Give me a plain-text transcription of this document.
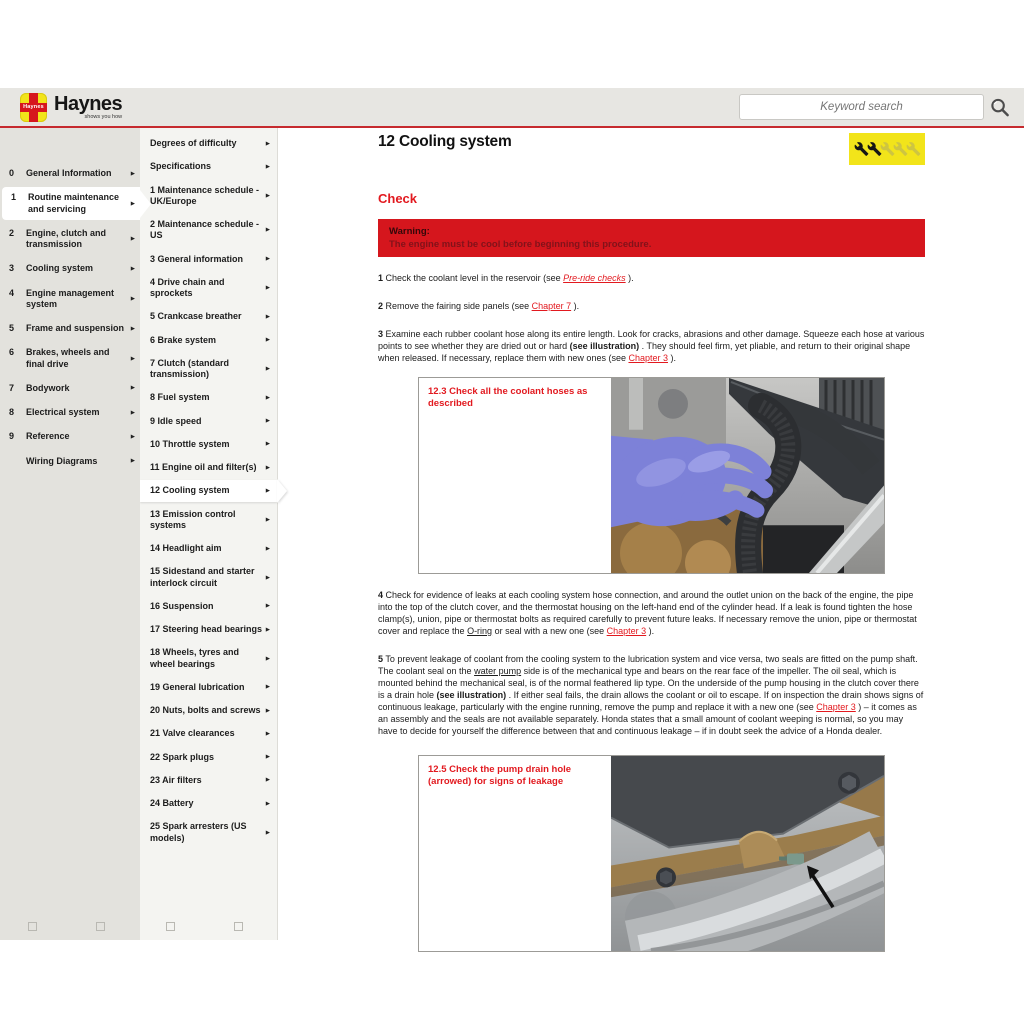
Haynes Haynes
shows you how
Keyword search
0	General Information	▶
1	Routine maintenance and servicing	▶
2	Engine, clutch and transmission	▶
3	Cooling system	▶
4	Engine management system	▶
5	Frame and suspension	▶
6	Brakes, wheels and final drive	▶
7	Bodywork	▶
8	Electrical system	▶
9	Reference	▶
Wiring Diagrams	▶
Degrees of difficulty	▶
Specifications	▶
1 Maintenance schedule - UK/Europe	▶
2 Maintenance schedule - US	▶
3 General information	▶
4 Drive chain and sprockets	▶
5 Crankcase breather	▶
6 Brake system	▶
7 Clutch (standard transmission)	▶
8 Fuel system	▶
9 Idle speed	▶
10 Throttle system	▶
11 Engine oil and filter(s)	▶
12 Cooling system	▶
13 Emission control systems	▶
14 Headlight aim	▶
15 Sidestand and starter interlock circuit	▶
16 Suspension	▶
17 Steering head bearings ▶
18 Wheels, tyres and wheel bearings	▶
19 General lubrication	▶
20 Nuts, bolts and screws ▶
21 Valve clearances	▶
22 Spark plugs	▶
23 Air filters	▶
24 Battery	▶
25 Spark arresters (US models)	▶
12 Cooling system
Check
Warning:
The engine must be cool before beginning this procedure.

1 Check the coolant level in the reservoir (see Pre-ride checks ).

2 Remove the fairing side panels (see Chapter 7 ).

3 Examine each rubber coolant hose along its entire length. Look for cracks, abrasions and other damage. Squeeze each hose at various points to see whether they are dried out or hard (see illustration) . They should feel firm, yet pliable, and return to their original shape when released. If necessary, replace them with new ones (see Chapter 3 ).

12.3 Check all the coolant hoses as described

4 Check for evidence of leaks at each cooling system hose connection, and around the outlet union on the back of the engine, the pipe into the top of the clutch cover, and the thermostat housing on the left-hand end of the cylinder head. If a leak is found tighten the hose clamp(s), union, pipe or thermostat bolts as required carefully to prevent future leaks. If necessary remove the union, pipe or thermostat cover and replace the O-ring or seal with a new one (see Chapter 3 ).

5 To prevent leakage of coolant from the cooling system to the lubrication system and vice versa, two seals are fitted on the pump shaft. The coolant seal on the water pump side is of the mechanical type and bears on the rear face of the impeller. The oil seal, which is mounted behind the mechanical seal, is of the normal feathered lip type. On the underside of the pump housing in the clutch cover there is a drain hole (see illustration) . If either seal fails, the drain allows the coolant or oil to escape. If on inspection the drain shows signs of continuous leakage, particularly with the engine running, remove the pump and replace it with a new one (see Chapter 3 ) – it comes as an assembly and the seals are not available separately. Honda states that a small amount of coolant weeping is normal, so you may have to decide for yourself the difference between that and continuous leakage – if in doubt seek the advice of a Honda dealer.

12.5 Check the pump drain hole (arrowed) for signs of leakage
